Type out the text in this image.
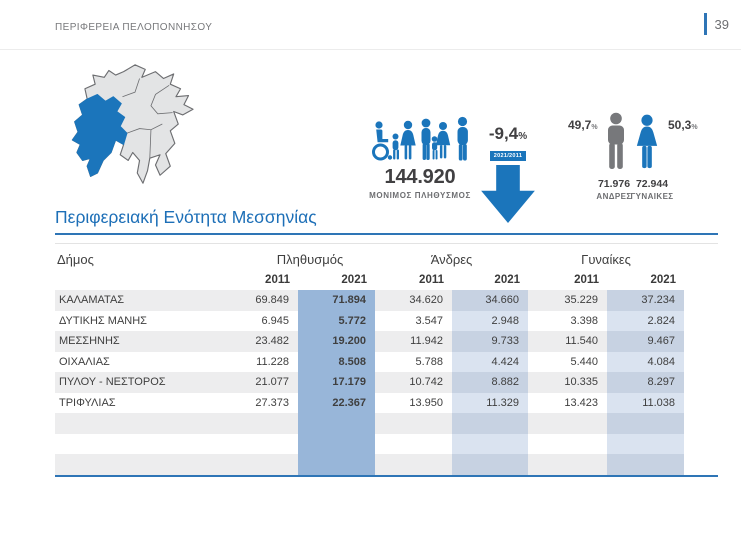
ΠΕΡΙΦΕΡΕΙΑ ΠΕΛΟΠΟΝΝΗΣΟΥ	39
144.920
ΜΟΝΙΜΟΣ ΠΛΗΘΥΣΜΟΣ
-9,4%
2021/2011
49,7%	50,3%
71.976
ΑΝΔΡΕΣ
72.944
ΓΥΝΑΙΚΕΣ
Περιφερειακή Ενότητα Μεσσηνίας
Δήμος	Πληθυσμός		Άνδρες		Γυναίκες	
	2011	2021	2011	2021	2011	2021
ΚΑΛΑΜΑΤΑΣ	69.849	71.894	34.620	34.660	35.229	37.234
ΔΥΤΙΚΗΣ ΜΑΝΗΣ	6.945	5.772	3.547	2.948	3.398	2.824
ΜΕΣΣΗΝΗΣ	23.482	19.200	11.942	9.733	11.540	9.467
ΟΙΧΑΛΙΑΣ	11.228	8.508	5.788	4.424	5.440	4.084
ΠΥΛΟΥ - ΝΕΣΤΟΡΟΣ	21.077	17.179	10.742	8.882	10.335	8.297
ΤΡΙΦΥΛΙΑΣ	27.373	22.367	13.950	11.329	13.423	11.038
